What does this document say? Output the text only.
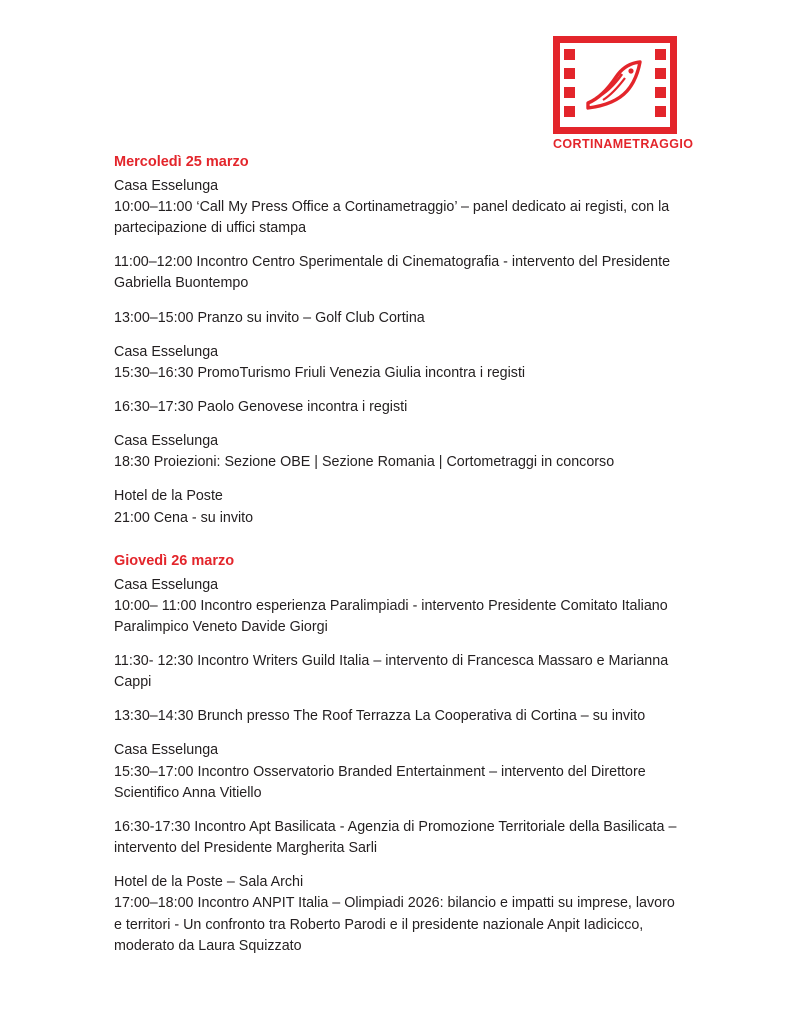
CORTINAMETRAGGIO
Mercoledì 25 marzo
Casa Esselunga
10:00–11:00 ‘Call My Press Office a Cortinametraggio’ – panel dedicato ai registi, con la partecipazione di uffici stampa
11:00–12:00 Incontro Centro Sperimentale di Cinematografia - intervento del Presidente Gabriella Buontempo
13:00–15:00 Pranzo su invito – Golf Club Cortina
Casa Esselunga
15:30–16:30 PromoTurismo Friuli Venezia Giulia incontra i registi
16:30–17:30 Paolo Genovese incontra i registi
Casa Esselunga
18:30 Proiezioni: Sezione OBE | Sezione Romania | Cortometraggi in concorso
Hotel de la Poste
21:00 Cena - su invito
Giovedì 26 marzo
Casa Esselunga
10:00– 11:00 Incontro esperienza Paralimpiadi - intervento Presidente Comitato Italiano Paralimpico Veneto Davide Giorgi
11:30- 12:30 Incontro Writers Guild Italia – intervento di Francesca Massaro e Marianna Cappi
13:30–14:30 Brunch presso The Roof Terrazza La Cooperativa di Cortina – su invito
Casa Esselunga
15:30–17:00 Incontro Osservatorio Branded Entertainment – intervento del Direttore Scientifico Anna Vitiello
16:30-17:30 Incontro Apt Basilicata - Agenzia di Promozione Territoriale della Basilicata – intervento del Presidente Margherita Sarli
Hotel de la Poste – Sala Archi
17:00–18:00 Incontro ANPIT Italia – Olimpiadi 2026: bilancio e impatti su imprese, lavoro e territori - Un confronto tra Roberto Parodi e il presidente nazionale Anpit Iadicicco, moderato da Laura Squizzato
